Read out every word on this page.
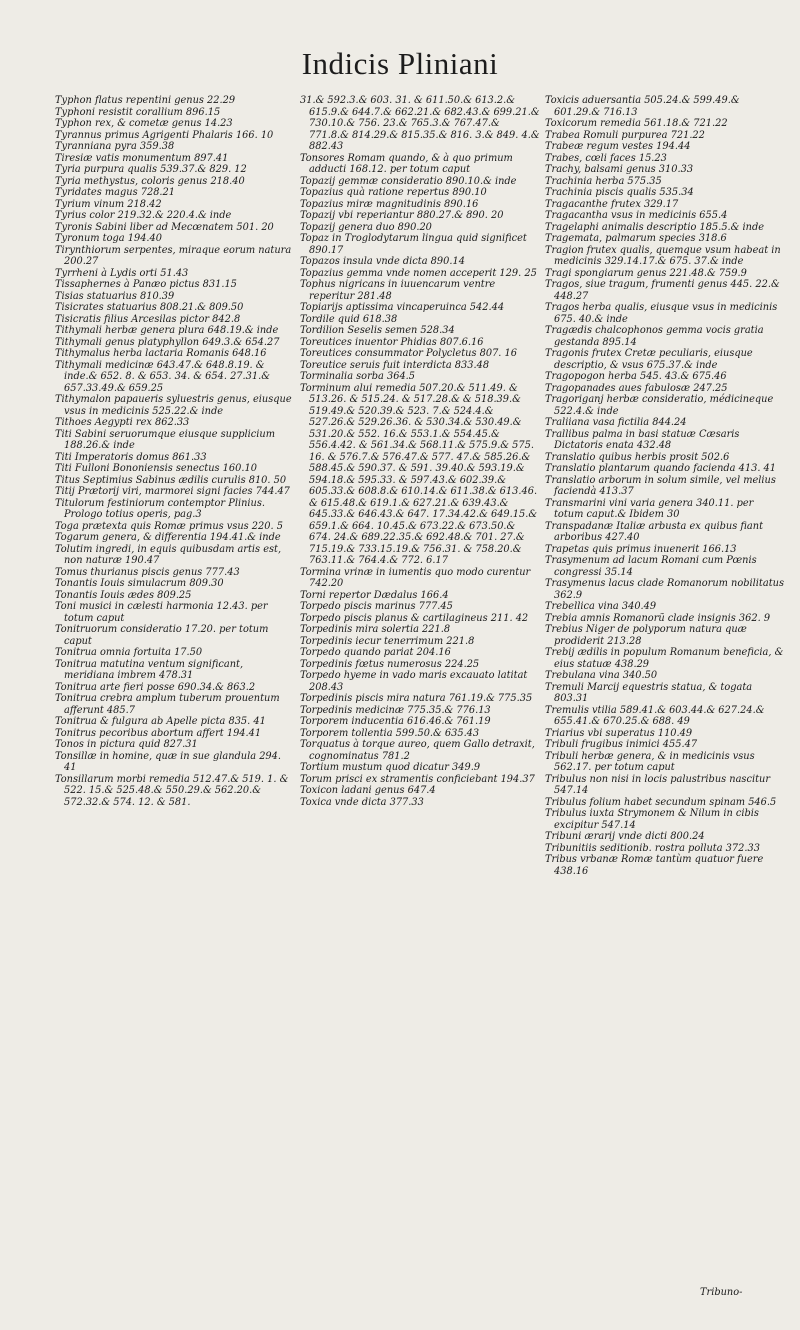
Indicis Pliniani

Typhon flatus repentini genus 22.29

Typhoni resistit corallium 896.15

Typhon rex, & cometæ genus 14.23

Tyrannus primus Agrigenti Phalaris 166. 10

Tyranniana pyra 359.38

Tiresiæ vatis monumentum 897.41

Tyria purpura qualis 539.37.& 829. 12

Tyria methystus, coloris genus 218.40

Tyridates magus 728.21

Tyrium vinum 218.42

Tyrius color 219.32.& 220.4.& inde

Tyronis Sabini liber ad Mecœnatem 501. 20

Tyronum toga 194.40

Tirynthiorum serpentes, miraque eorum natura 200.27

Tyrrheni à Lydis orti 51.43

Tissaphernes à Panæo pictus 831.15

Tisias statuarius 810.39

Tisicrates statuarius 808.21.& 809.50

Tisicratis filius Arcesilas pictor 842.8

Tithymali herbæ genera plura 648.19.& inde

Tithymali genus platyphyllon 649.3.& 654.27

Tithymalus herba lactaria Romanis 648.16

Tithymali medicinæ 643.47.& 648.8.19. & inde.& 652. 8. & 653. 34. & 654. 27.31.& 657.33.49.& 659.25

Tithymalon papaueris syluestris genus, eiusque vsus in medicinis 525.22.& inde

Tithoes Aegypti rex 862.33

Titi Sabini seruorumque eiusque supplicium 188.26.& inde

Titi Imperatoris domus 861.33

Titi Fulloni Bononiensis senectus 160.10

Titus Septimius Sabinus ædilis curulis 810. 50

Titij Prætorij viri, marmorei signi facies 744.47

Titulorum festiniorum contemptor Plinius. Prologo totius operis, pag.3

Toga prætexta quis Romæ primus vsus 220. 5

Togarum genera, & differentia 194.41.& inde

Tolutim ingredi, in equis quibusdam artis est, non naturæ 190.47

Tomus thurianus piscis genus 777.43

Tonantis Iouis simulacrum 809.30

Tonantis Iouis ædes 809.25

Toni musici in cælesti harmonia 12.43. per totum caput

Tonitruorum consideratio 17.20. per totum caput

Tonitrua omnia fortuita 17.50

Tonitrua matutina ventum significant, meridiana imbrem 478.31

Tonitrua arte fieri posse 690.34.& 863.2

Tonitrua crebra amplum tuberum prouentum afferunt 485.7

Tonitrua & fulgura ab Apelle picta 835. 41

Tonitrus pecoribus abortum affert 194.41

Tonos in pictura quid 827.31

Tonsillæ in homine, quæ in sue glandula 294. 41

Tonsillarum morbi remedia 512.47.& 519. 1. & 522. 15.& 525.48.& 550.29.& 562.20.& 572.32.& 574. 12. & 581.

31.& 592.3.& 603. 31. & 611.50.& 613.2.& 615.9.& 644.7.& 662.21.& 682.43.& 699.21.& 730.10.& 756. 23.& 765.3.& 767.47.& 771.8.& 814.29.& 815.35.& 816. 3.& 849. 4.& 882.43

Tonsores Romam quando, & à quo primum adducti 168.12. per totum caput

Topazij gemmæ consideratio 890.10.& inde

Topazius quà ratione repertus 890.10

Topazius miræ magnitudinis 890.16

Topazij vbi reperiantur 880.27.& 890. 20

Topazij genera duo 890.20

Topaz in Troglodytarum lingua quid significet 890.17

Topazos insula vnde dicta 890.14

Topazius gemma vnde nomen acceperit 129. 25

Tophus nigricans in iuuencarum ventre reperitur 281.48

Topiarijs aptissima vincaperuinca 542.44

Tordile quid 618.38

Tordilion Seselis semen 528.34

Toreutices inuentor Phidias 807.6.16

Toreutices consummator Polycletus 807. 16

Toreutice seruis fuit interdicta 833.48

Torminalia sorba 364.5

Torminum alui remedia 507.20.& 511.49. & 513.26. & 515.24. & 517.28.& & 518.39.& 519.49.& 520.39.& 523. 7.& 524.4.& 527.26.& 529.26.36. & 530.34.& 530.49.& 531.20.& 552. 16.& 553.1.& 554.45.& 556.4.42. & 561.34.& 568.11.& 575.9.& 575. 16. & 576.7.& 576.47.& 577. 47.& 585.26.& 588.45.& 590.37. & 591. 39.40.& 593.19.& 594.18.& 595.33. & 597.43.& 602.39.& 605.33.& 608.8.& 610.14.& 611.38.& 613.46. & 615.48.& 619.1.& 627.21.& 639.43.& 645.33.& 646.43.& 647. 17.34.42.& 649.15.& 659.1.& 664. 10.45.& 673.22.& 673.50.& 674. 24.& 689.22.35.& 692.48.& 701. 27.& 715.19.& 733.15.19.& 756.31. & 758.20.& 763.11.& 764.4.& 772. 6.17

Tormina vrinæ in iumentis quo modo curentur 742.20

Torni repertor Dædalus 166.4

Torpedo piscis marinus 777.45

Torpedo piscis planus & cartilagineus 211. 42

Torpedinis mira solertia 221.8

Torpedinis iecur tenerrimum 221.8

Torpedo quando pariat 204.16

Torpedinis fœtus numerosus 224.25

Torpedo hyeme in vado maris excauato latitat 208.43

Torpedinis piscis mira natura 761.19.& 775.35

Torpedinis medicinæ 775.35.& 776.13

Torporem inducentia 616.46.& 761.19

Torporem tollentia 599.50.& 635.43

Torquatus à torque aureo, quem Gallo detraxit, cognominatus 781.2

Tortium mustum quod dicatur 349.9

Torum prisci ex stramentis conficiebant 194.37

Toxicon ladani genus 647.4

Toxica vnde dicta 377.33

Toxicis aduersantia 505.24.& 599.49.& 601.29.& 716.13

Toxicorum remedia 561.18.& 721.22

Trabea Romuli purpurea 721.22

Trabeæ regum vestes 194.44

Trabes, cœli faces 15.23

Trachy, balsami genus 310.33

Trachinia herba 575.35

Trachinia piscis qualis 535.34

Tragacanthe frutex 329.17

Tragacantha vsus in medicinis 655.4

Tragelaphi animalis descriptio 185.5.& inde

Tragemata, palmarum species 318.6

Tragion frutex qualis, quemque vsum habeat in medicinis 329.14.17.& 675. 37.& inde

Tragi spongiarum genus 221.48.& 759.9

Tragos, siue tragum, frumenti genus 445. 22.& 448.27

Tragos herba qualis, eiusque vsus in medicinis 675. 40.& inde

Tragædis chalcophonos gemma vocis gratia gestanda 895.14

Tragonis frutex Cretæ peculiaris, eiusque descriptio, & vsus 675.37.& inde

Tragopogon herba 545. 43.& 675.46

Tragopanades aues fabulosæ 247.25

Tragoriganj herbæ consideratio, médicineque 522.4.& inde

Traliiana vasa fictilia 844.24

Trallibus palma in basi statuæ Cæsaris Dictatoris enata 432.48

Translatio quibus herbis prosit 502.6

Translatio plantarum quando facienda 413. 41

Translatio arborum in solum simile, vel melius faciendà 413.37

Transmarini vini varia genera 340.11. per totum caput.& Ibidem 30

Transpadanæ Italiæ arbusta ex quibus fiant arboribus 427.40

Trapetas quis primus inuenerit 166.13

Trasymenum ad lacum Romani cum Pœnis congressi 35.14

Trasymenus lacus clade Romanorum nobilitatus 362.9

Trebellica vina 340.49

Trebia amnis Romanorũ clade insignis 362. 9

Trebius Niger de polyporum natura quæ prodiderit 213.28

Trebij ædilis in populum Romanum beneficia, & eius statuæ 438.29

Trebulana vina 340.50

Tremuli Marcij equestris statua, & togata 803.31

Tremulis vtilia 589.41.& 603.44.& 627.24.& 655.41.& 670.25.& 688. 49

Triarius vbi superatus 110.49

Tribuli frugibus inimici 455.47

Tribuli herbæ genera, & in medicinis vsus 562.17. per totum caput

Tribulus non nisi in locis palustribus nascitur 547.14

Tribulus folium habet secundum spinam 546.5

Tribulus iuxta Strymonem & Nilum in cibis excipitur 547.14

Tribuni ærarij vnde dicti 800.24

Tribunitiis seditionib. rostra polluta 372.33

Tribus vrbanæ Romæ tantùm quatuor fuere 438.16

Tribuno-
